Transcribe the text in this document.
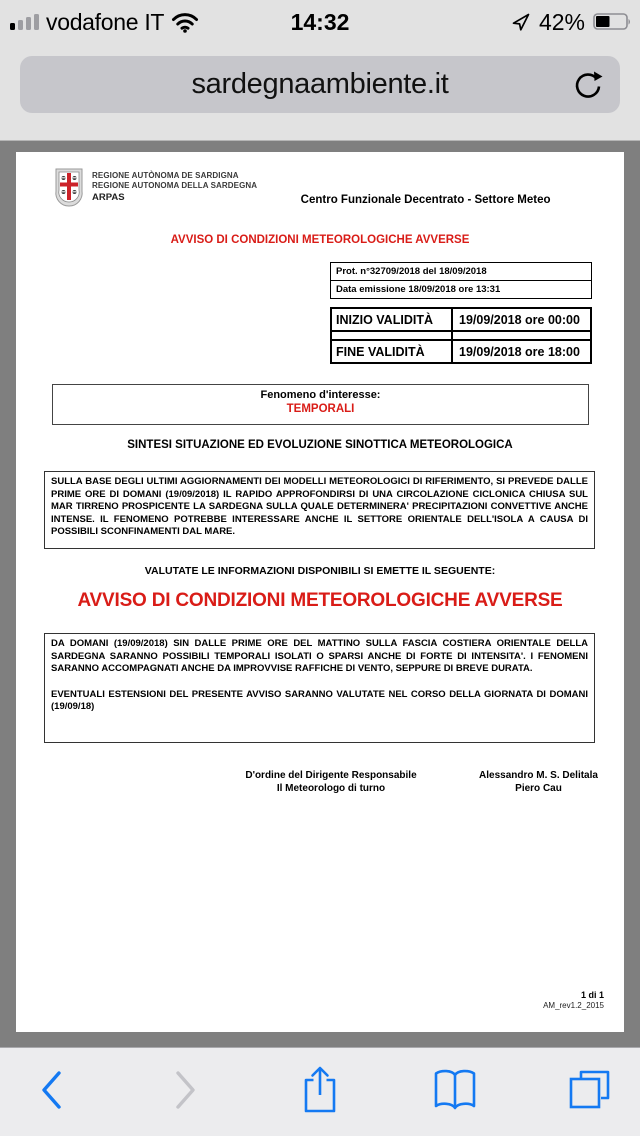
vodafone IT	14:32	42%
sardegnaambiente.it
REGIONE AUTÒNOMA DE SARDIGNA
REGIONE AUTONOMA DELLA SARDEGNA
ARPAS	Centro Funzionale Decentrato - Settore Meteo
AVVISO DI CONDIZIONI METEOROLOGICHE AVVERSE
Prot. n°32709/2018 del 18/09/2018
Data emissione 18/09/2018 ore 13:31
INIZIO VALIDITÀ	19/09/2018 ore 00:00
FINE VALIDITÀ	19/09/2018 ore 18:00
Fenomeno d'interesse:
TEMPORALI
SINTESI SITUAZIONE ED EVOLUZIONE SINOTTICA METEOROLOGICA
SULLA BASE DEGLI ULTIMI AGGIORNAMENTI DEI MODELLI METEOROLOGICI DI RIFERIMENTO, SI PREVEDE DALLE PRIME ORE DI DOMANI (19/09/2018) IL RAPIDO APPROFONDIRSI DI UNA CIRCOLAZIONE CICLONICA CHIUSA SUL MAR TIRRENO PROSPICENTE LA SARDEGNA SULLA QUALE DETERMINERA' PRECIPITAZIONI CONVETTIVE ANCHE INTENSE. IL FENOMENO POTREBBE INTERESSARE ANCHE IL SETTORE ORIENTALE DELL'ISOLA A CAUSA DI POSSIBILI SCONFINAMENTI DAL MARE.
VALUTATE LE INFORMAZIONI DISPONIBILI SI EMETTE IL SEGUENTE:
AVVISO DI CONDIZIONI METEOROLOGICHE AVVERSE

DA DOMANI (19/09/2018) SIN DALLE PRIME ORE DEL MATTINO SULLA FASCIA COSTIERA ORIENTALE DELLA SARDEGNA SARANNO POSSIBILI TEMPORALI ISOLATI O SPARSI ANCHE DI FORTE DI INTENSITA'. I FENOMENI SARANNO ACCOMPAGNATI ANCHE DA IMPROVVISE RAFFICHE DI VENTO, SEPPURE DI BREVE DURATA.

EVENTUALI ESTENSIONI DEL PRESENTE AVVISO SARANNO VALUTATE NEL CORSO DELLA GIORNATA DI DOMANI (19/09/18)

D'ordine del Dirigente Responsabile
Il Meteorologo di turno
Alessandro M. S. Delitala
Piero Cau
1 di 1
AM_rev1.2_2015
